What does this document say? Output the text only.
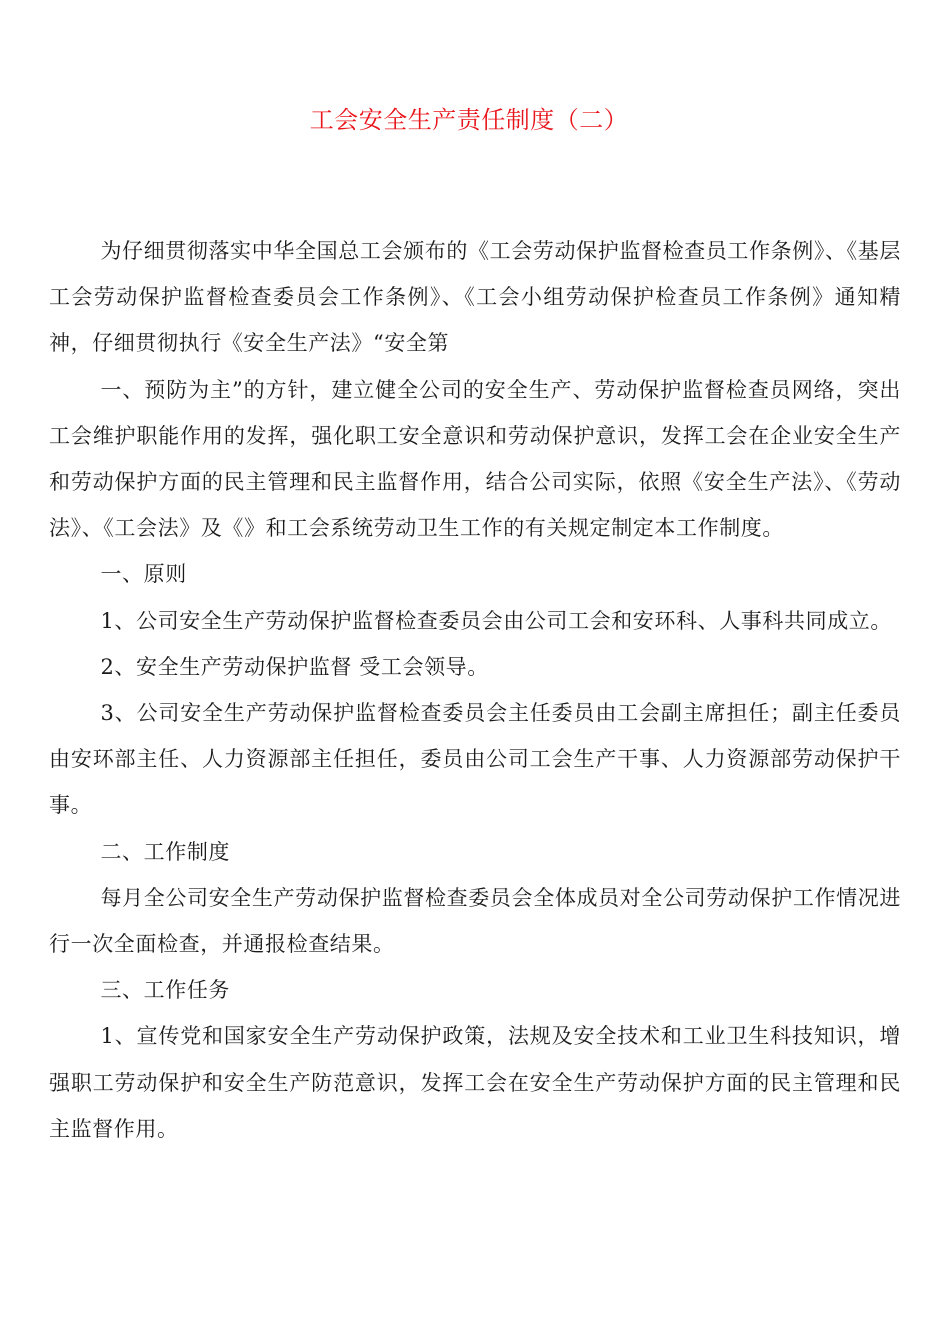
工会安全生产责任制度（二）

为仔细贯彻落实中华全国总工会颁布的《工会劳动保护监督检查员工作条例》、《基层工会劳动保护监督检查委员会工作条例》、《工会小组劳动保护检查员工作条例》通知精神，仔细贯彻执行《安全生产法》“安全第

一、预防为主”的方针，建立健全公司的安全生产、劳动保护监督检查员网络，突出工会维护职能作用的发挥，强化职工安全意识和劳动保护意识，发挥工会在企业安全生产和劳动保护方面的民主管理和民主监督作用，结合公司实际，依照《安全生产法》、《劳动法》、《工会法》及《》和工会系统劳动卫生工作的有关规定制定本工作制度。

一、原则

1、公司安全生产劳动保护监督检查委员会由公司工会和安环科、人事科共同成立。

2、安全生产劳动保护监督 受工会领导。

3、公司安全生产劳动保护监督检查委员会主任委员由工会副主席担任；副主任委员由安环部主任、人力资源部主任担任，委员由公司工会生产干事、人力资源部劳动保护干事。

二、工作制度

每月全公司安全生产劳动保护监督检查委员会全体成员对全公司劳动保护工作情况进行一次全面检查，并通报检查结果。

三、工作任务

1、宣传党和国家安全生产劳动保护政策，法规及安全技术和工业卫生科技知识，增强职工劳动保护和安全生产防范意识，发挥工会在安全生产劳动保护方面的民主管理和民主监督作用。
